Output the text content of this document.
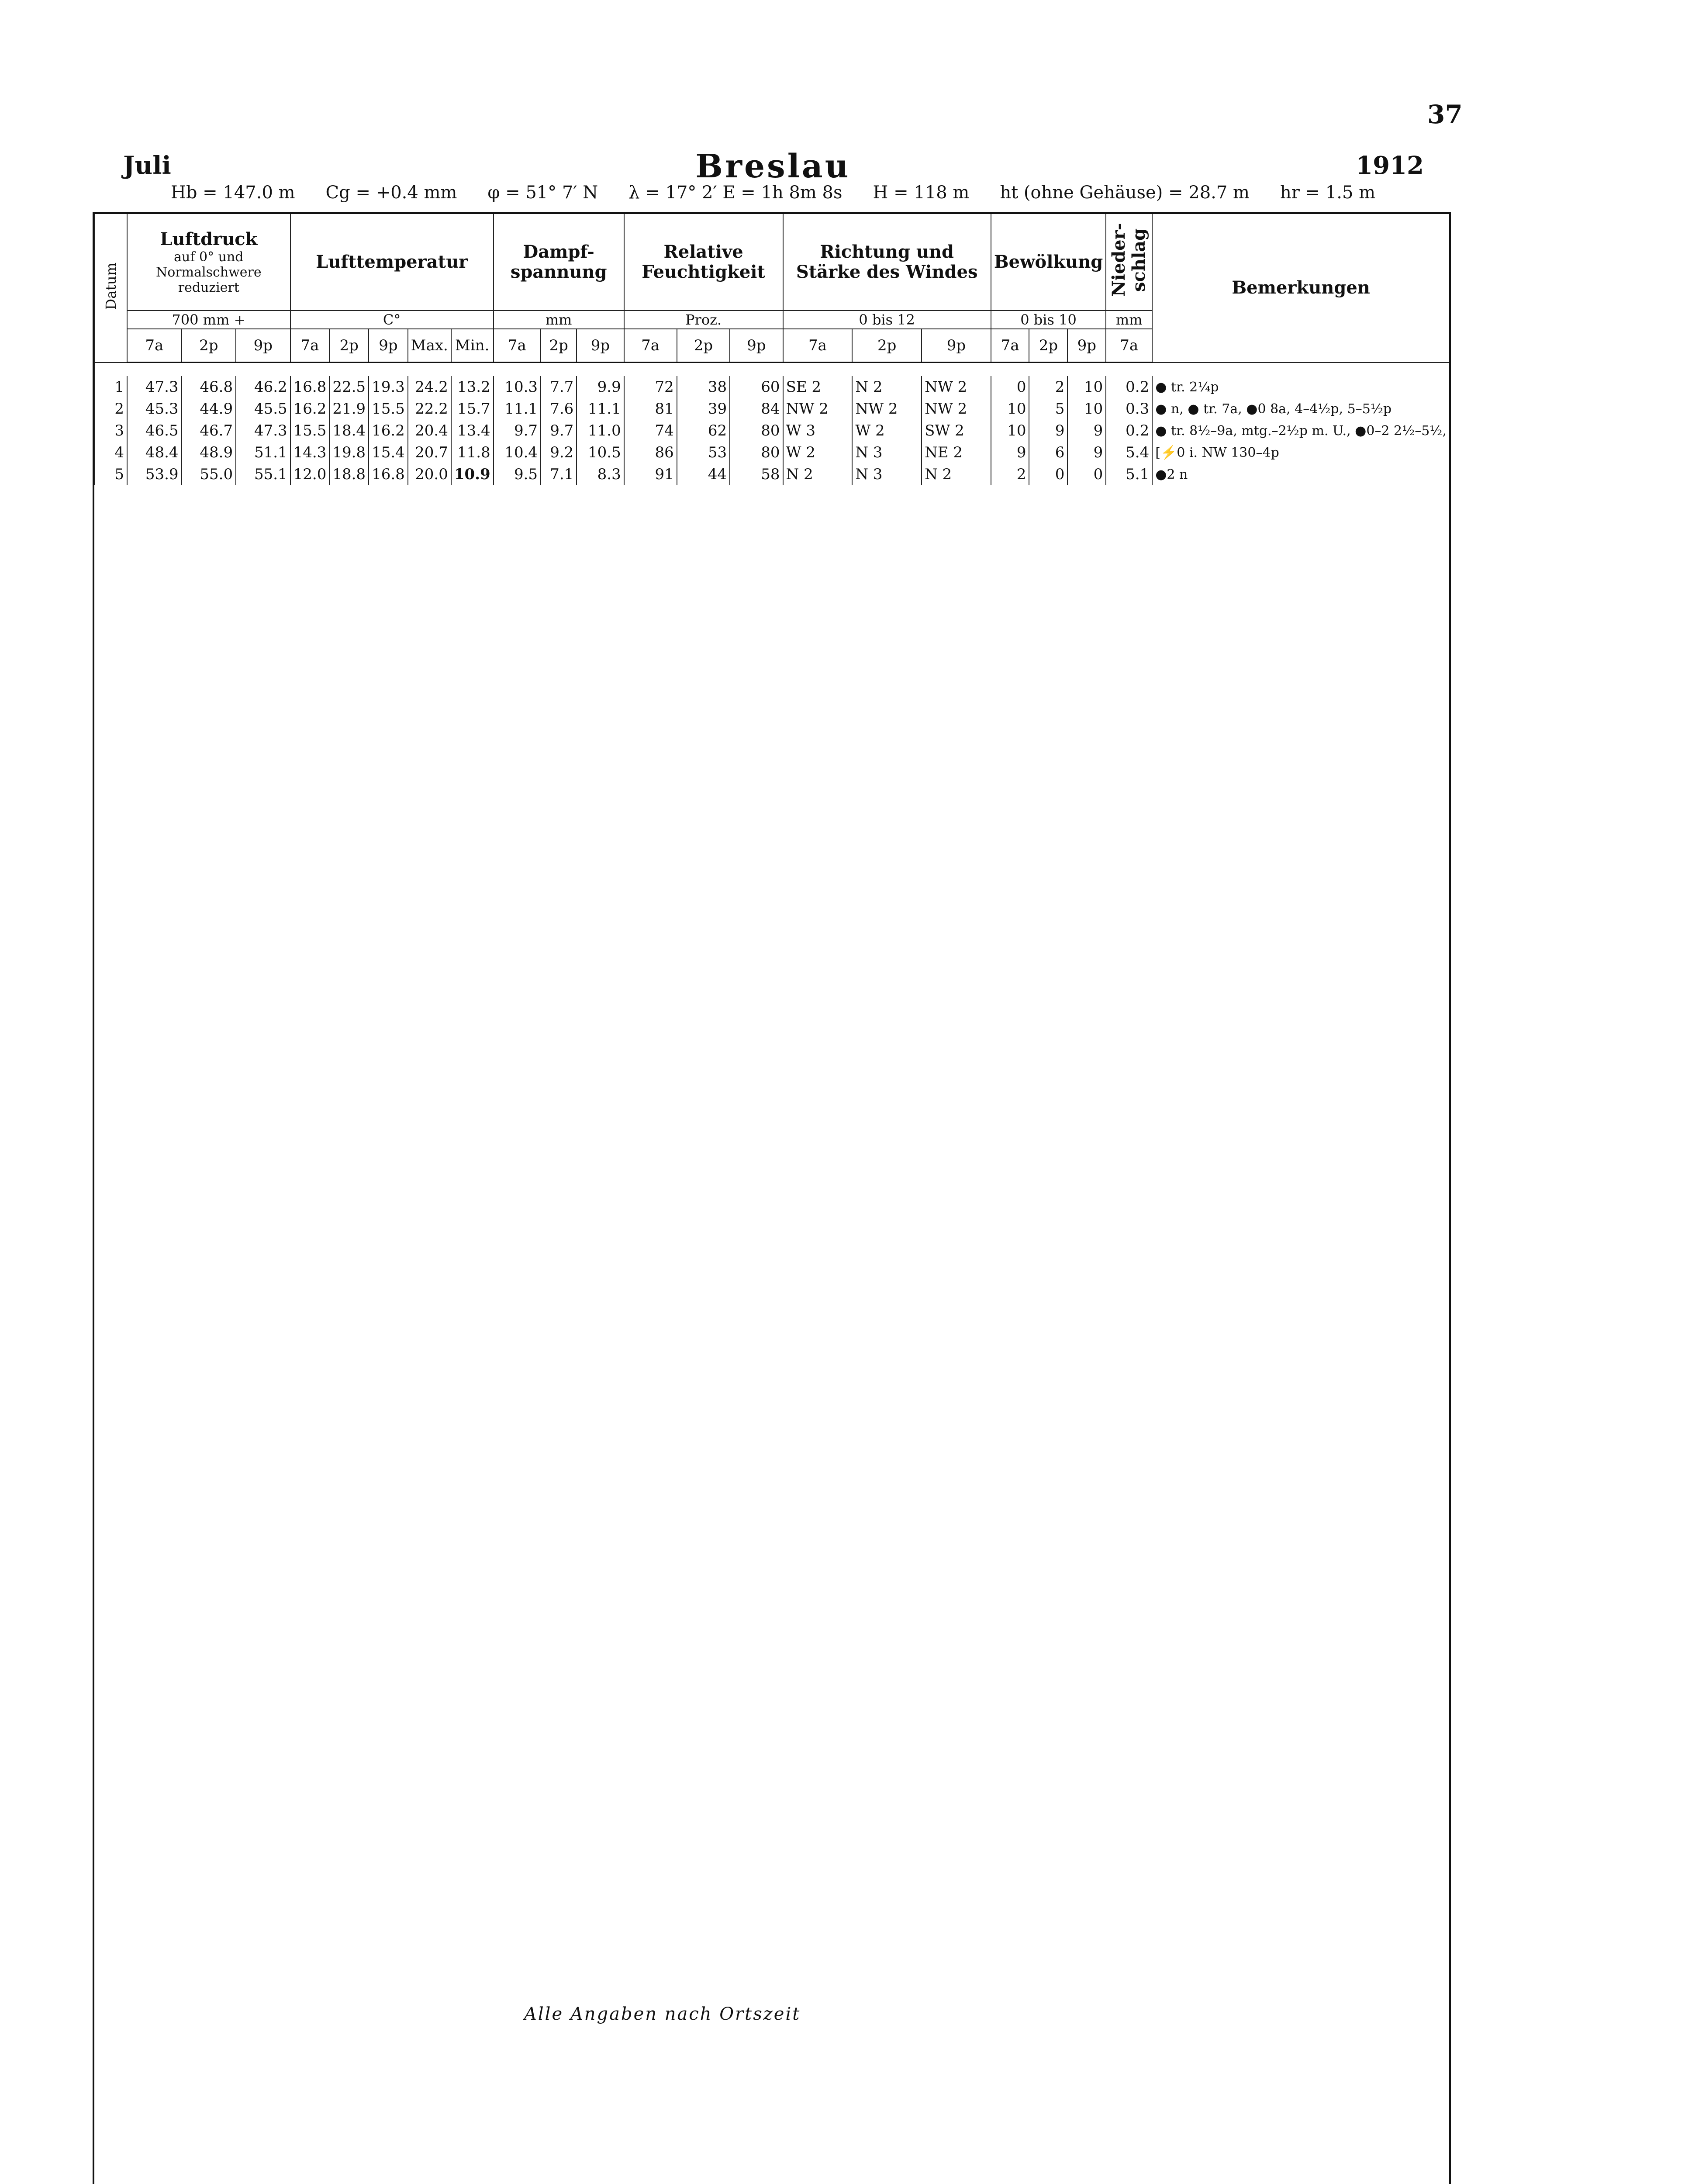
37
Juli	Breslau	1912
Hb = 147.0 m Cg = +0.4 mm φ = 51° 7′ N λ = 17° 2′ E = 1h 8m 8s H = 118 m ht (ohne Gehäuse) = 28.7 m hr = 1.5 m
Datum	Luftdruck
auf 0° und Normalschwere reduziert			Lufttemperatur					Dampf-spannung			Relative Feuchtigkeit			Richtung und Stärke des Windes			Bewölkung			Nieder-schlag	Bemerkungen
	700 mm +			C°					mm			Proz.			0 bis 12			0 bis 10			mm	
	7a	2p	9p	7a	2p	9p	Max.	Min.	7a	2p	9p	7a	2p	9p	7a	2p	9p	7a	2p	9p	7a	

1	47.3	46.8	46.2	16.8	22.5	19.3	24.2	13.2	10.3	7.7	9.9	72	38	60	SE 2	N 2	NW 2	0	2	10	0.2	● tr. 2¼p
2	45.3	44.9	45.5	16.2	21.9	15.5	22.2	15.7	11.1	7.6	11.1	81	39	84	NW 2	NW 2	NW 2	10	5	10	0.3	● n, ● tr. 7a, ●0 8a, 4–4½p, 5–5½p
3	46.5	46.7	47.3	15.5	18.4	16.2	20.4	13.4	9.7	9.7	11.0	74	62	80	W 3	W 2	SW 2	10	9	9	0.2	● tr. 8½–9a, mtg.–2½p m. U., ●0–2 2½–5½,
4	48.4	48.9	51.1	14.3	19.8	15.4	20.7	11.8	10.4	9.2	10.5	86	53	80	W 2	N 3	NE 2	9	6	9	5.4	[⚡0 i. NW 130–4p
5	53.9	55.0	55.1	12.0	18.8	16.8	20.0	10.9	9.5	7.1	8.3	91	44	58	N 2	N 3	N 2	2	0	0	5.1	●2 n
Alle Angaben nach Ortszeit
